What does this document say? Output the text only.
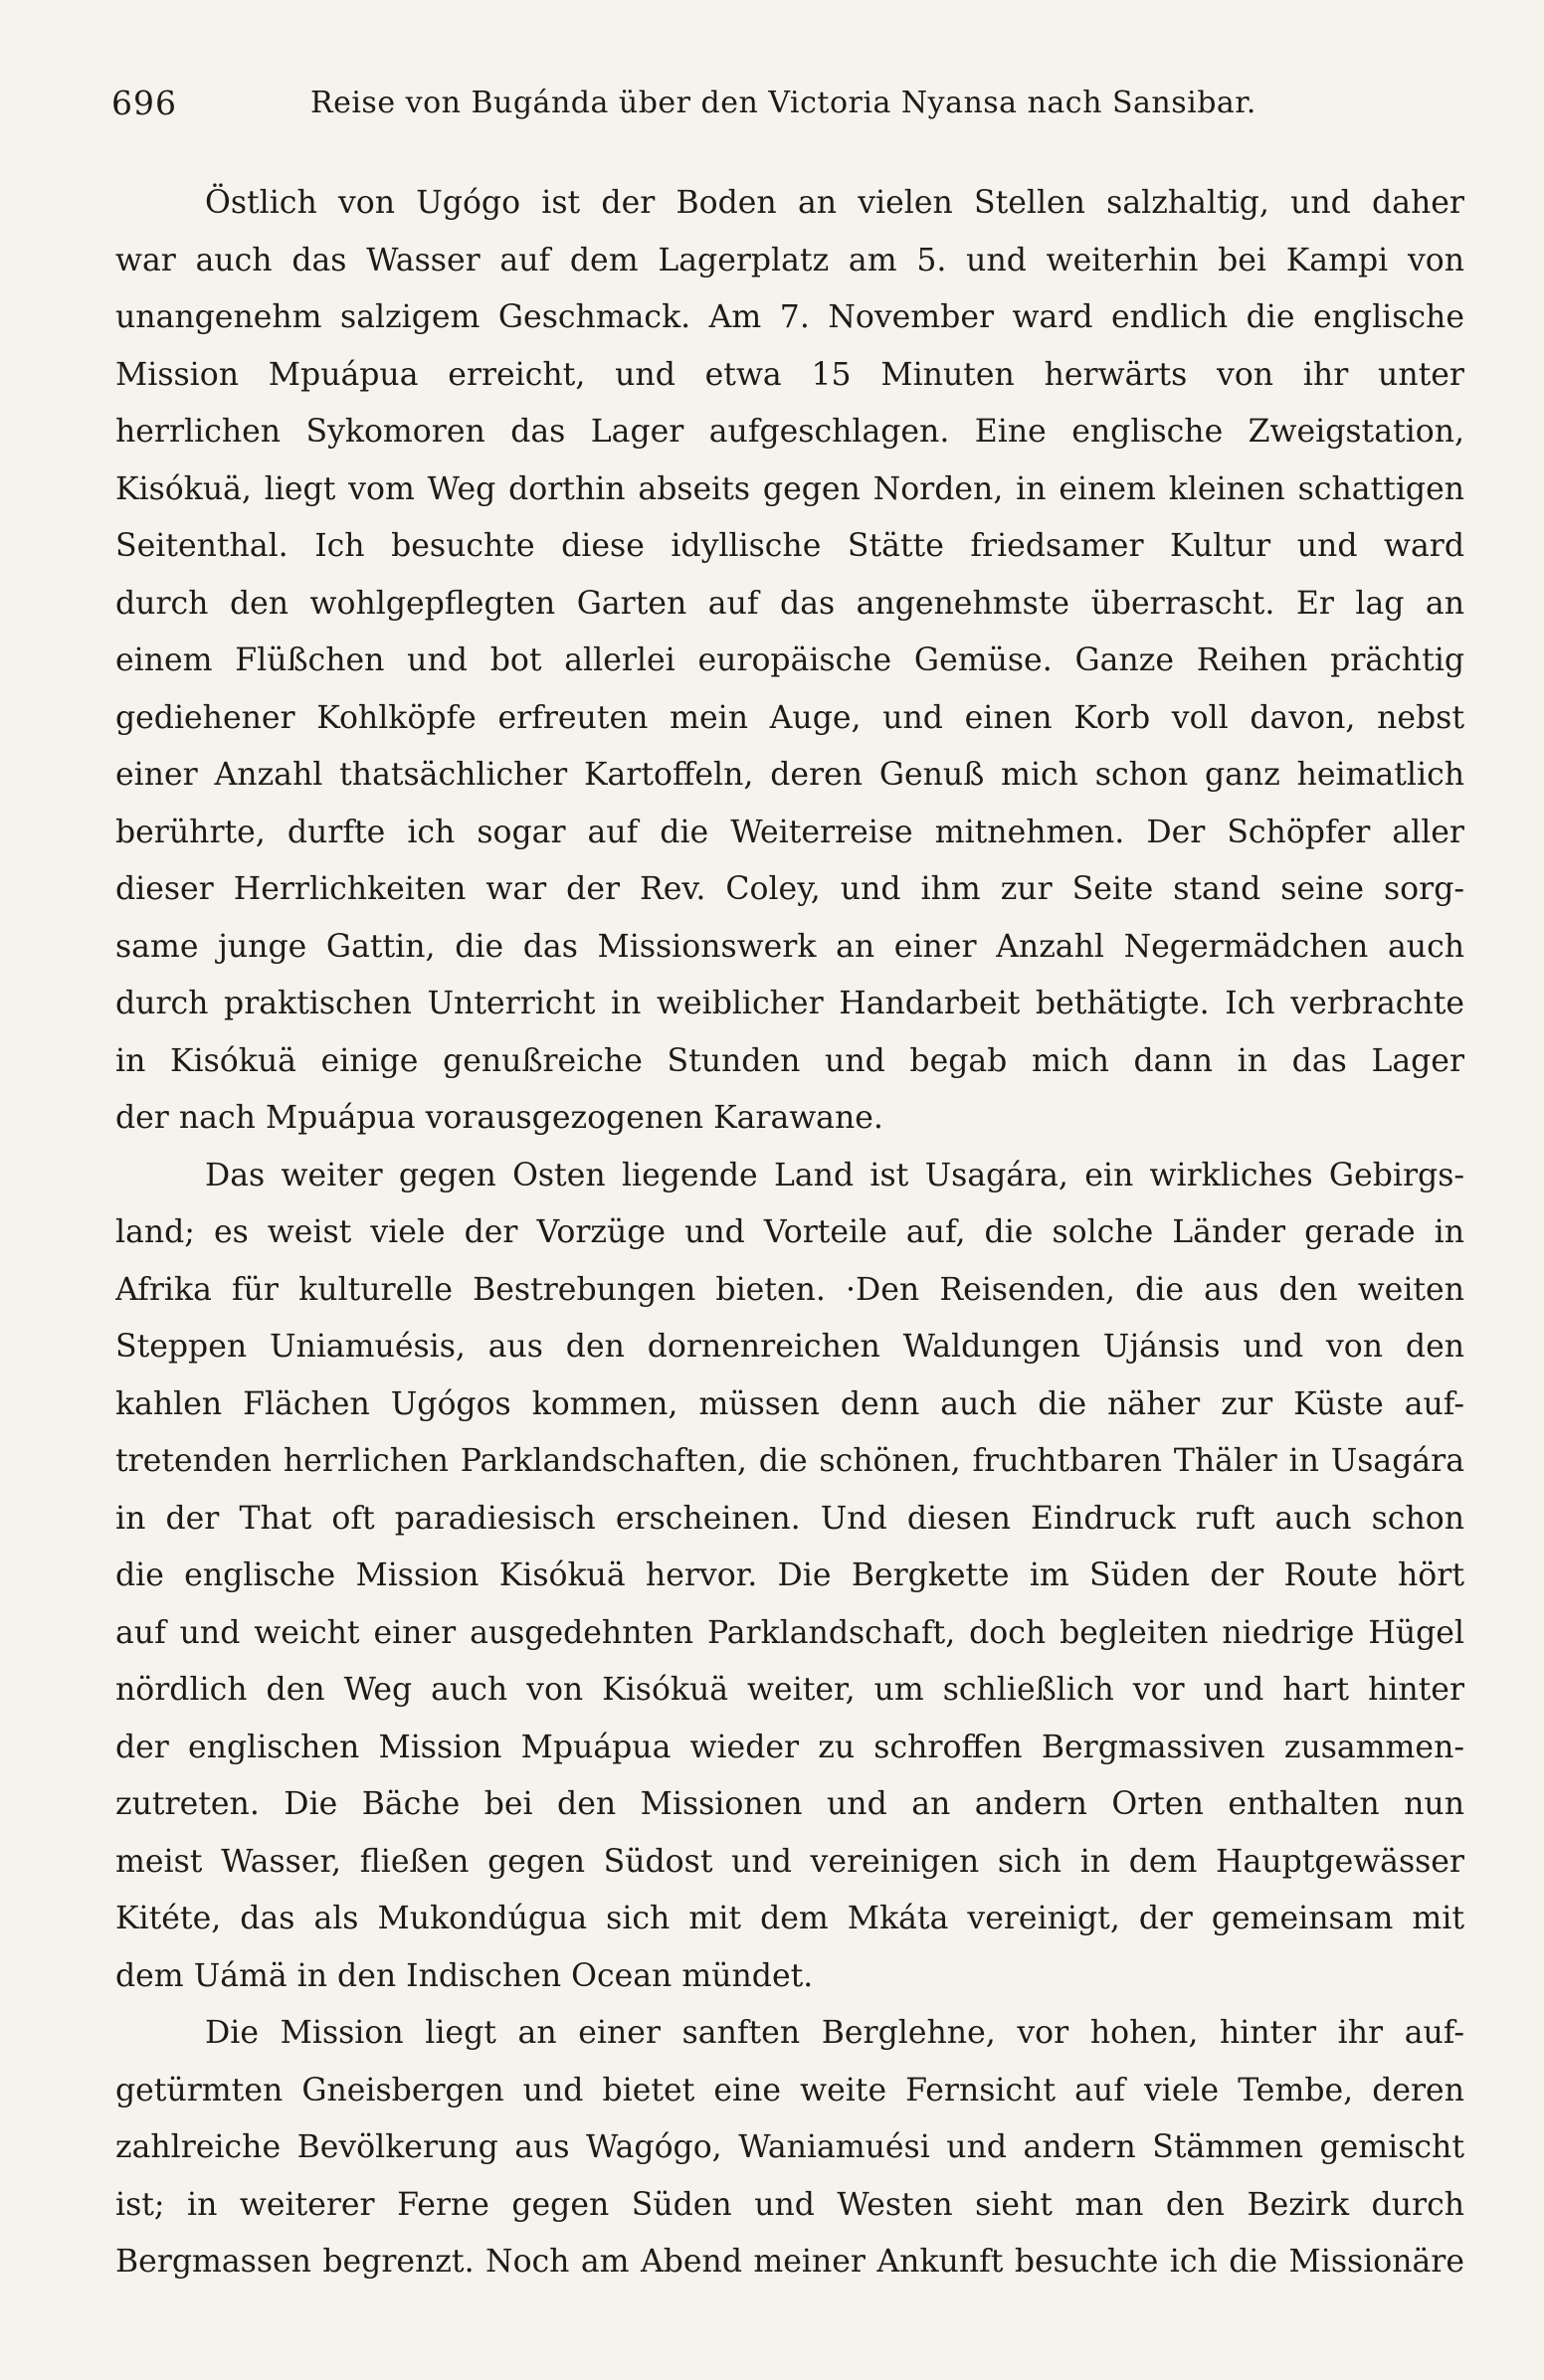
696	Reise von Bugánda über den Victoria Nyansa nach Sansibar.
Östlich von Ugógo ist der Boden an vielen Stellen salzhaltig, und daher
war auch das Wasser auf dem Lagerplatz am 5. und weiterhin bei Kampi von
unangenehm salzigem Geschmack. Am 7. November ward endlich die englische
Mission Mpuápua erreicht, und etwa 15 Minuten herwärts von ihr unter
herrlichen Sykomoren das Lager aufgeschlagen. Eine englische Zweigstation,
Kisókuä, liegt vom Weg dorthin abseits gegen Norden, in einem kleinen schattigen
Seitenthal. Ich besuchte diese idyllische Stätte friedsamer Kultur und ward
durch den wohlgepflegten Garten auf das angenehmste überrascht. Er lag an
einem Flüßchen und bot allerlei europäische Gemüse. Ganze Reihen prächtig
gediehener Kohlköpfe erfreuten mein Auge, und einen Korb voll davon, nebst
einer Anzahl thatsächlicher Kartoffeln, deren Genuß mich schon ganz heimatlich
berührte, durfte ich sogar auf die Weiterreise mitnehmen. Der Schöpfer aller
dieser Herrlichkeiten war der Rev. Coley, und ihm zur Seite stand seine sorg-
same junge Gattin, die das Missionswerk an einer Anzahl Negermädchen auch
durch praktischen Unterricht in weiblicher Handarbeit bethätigte. Ich verbrachte
in Kisókuä einige genußreiche Stunden und begab mich dann in das Lager
der nach Mpuápua vorausgezogenen Karawane.
Das weiter gegen Osten liegende Land ist Usagára, ein wirkliches Gebirgs-
land; es weist viele der Vorzüge und Vorteile auf, die solche Länder gerade in
Afrika für kulturelle Bestrebungen bieten. ·Den Reisenden, die aus den weiten
Steppen Uniamuésis, aus den dornenreichen Waldungen Ujánsis und von den
kahlen Flächen Ugógos kommen, müssen denn auch die näher zur Küste auf-
tretenden herrlichen Parklandschaften, die schönen, fruchtbaren Thäler in Usagára
in der That oft paradiesisch erscheinen. Und diesen Eindruck ruft auch schon
die englische Mission Kisókuä hervor. Die Bergkette im Süden der Route hört
auf und weicht einer ausgedehnten Parklandschaft, doch begleiten niedrige Hügel
nördlich den Weg auch von Kisókuä weiter, um schließlich vor und hart hinter
der englischen Mission Mpuápua wieder zu schroffen Bergmassiven zusammen-
zutreten. Die Bäche bei den Missionen und an andern Orten enthalten nun
meist Wasser, fließen gegen Südost und vereinigen sich in dem Hauptgewässer
Kitéte, das als Mukondúgua sich mit dem Mkáta vereinigt, der gemeinsam mit
dem Uámä in den Indischen Ocean mündet.
Die Mission liegt an einer sanften Berglehne, vor hohen, hinter ihr auf-
getürmten Gneisbergen und bietet eine weite Fernsicht auf viele Tembe, deren
zahlreiche Bevölkerung aus Wagógo, Waniamuési und andern Stämmen gemischt
ist; in weiterer Ferne gegen Süden und Westen sieht man den Bezirk durch
Bergmassen begrenzt. Noch am Abend meiner Ankunft besuchte ich die Missionäre
